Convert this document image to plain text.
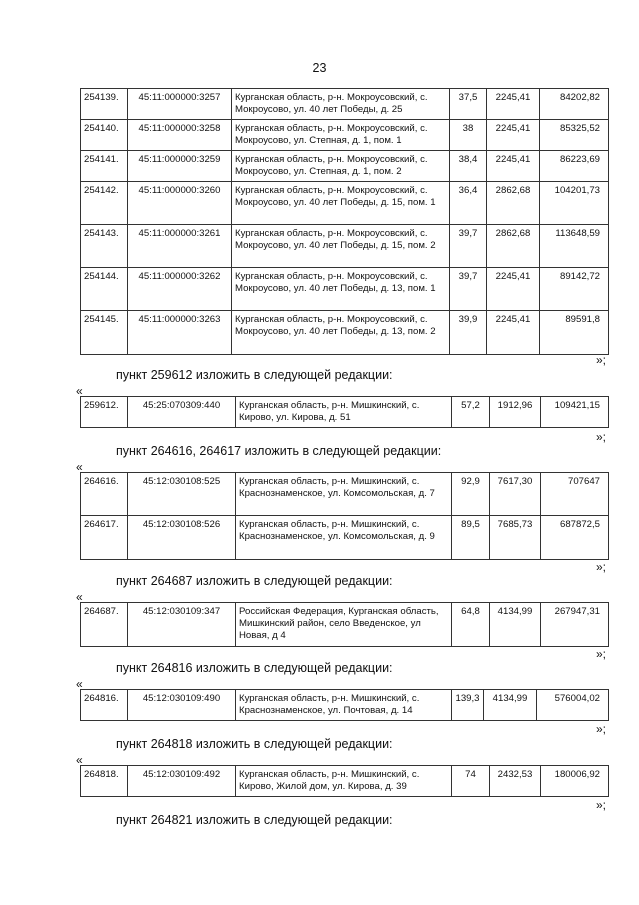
23
254139.	45:11:000000:3257	Курганская область, р-н. Мокроусовский, с. Мокроусово, ул. 40 лет Победы, д. 25	37,5	2245,41	84202,82
254140.	45:11:000000:3258	Курганская область, р-н. Мокроусовский, с. Мокроусово, ул. Степная, д. 1, пом. 1	38	2245,41	85325,52
254141.	45:11:000000:3259	Курганская область, р-н. Мокроусовский, с. Мокроусово, ул. Степная, д. 1, пом. 2	38,4	2245,41	86223,69
254142.	45:11:000000:3260	Курганская область, р-н. Мокроусовский, с. Мокроусово, ул. 40 лет Победы, д. 15, пом. 1	36,4	2862,68	104201,73
254143.	45:11:000000:3261	Курганская область, р-н. Мокроусовский, с. Мокроусово, ул. 40 лет Победы, д. 15, пом. 2	39,7	2862,68	113648,59
254144.	45:11:000000:3262	Курганская область, р-н. Мокроусовский, с. Мокроусово, ул. 40 лет Победы, д. 13, пом. 1	39,7	2245,41	89142,72
254145.	45:11:000000:3263	Курганская область, р-н. Мокроусовский, с. Мокроусово, ул. 40 лет Победы, д. 13, пом. 2	39,9	2245,41	89591,8
»;
пункт 259612 изложить в следующей редакции:
«
259612.	45:25:070309:440	Курганская область, р-н. Мишкинский, с. Кирово, ул. Кирова, д. 51	57,2	1912,96	109421,15
»;
пункт 264616, 264617 изложить в следующей редакции:
«
264616.	45:12:030108:525	Курганская область, р-н. Мишкинский, с. Краснознаменское, ул. Комсомольская, д. 7	92,9	7617,30	707647
264617.	45:12:030108:526	Курганская область, р-н. Мишкинский, с. Краснознаменское, ул. Комсомольская, д. 9	89,5	7685,73	687872,5
»;
пункт 264687 изложить в следующей редакции:
«
264687.	45:12:030109:347	Российская Федерация, Курганская область, Мишкинский район, село Введенское, ул Новая, д 4	64,8	4134,99	267947,31
»;
пункт 264816 изложить в следующей редакции:
«
264816.	45:12:030109:490	Курганская область, р-н. Мишкинский, с. Краснознаменское, ул. Почтовая, д. 14	139,3	4134,99	576004,02
»;
пункт 264818 изложить в следующей редакции:
«
264818.	45:12:030109:492	Курганская область, р-н. Мишкинский, с. Кирово, Жилой дом, ул. Кирова, д. 39	74	2432,53	180006,92
»;
пункт 264821 изложить в следующей редакции:
